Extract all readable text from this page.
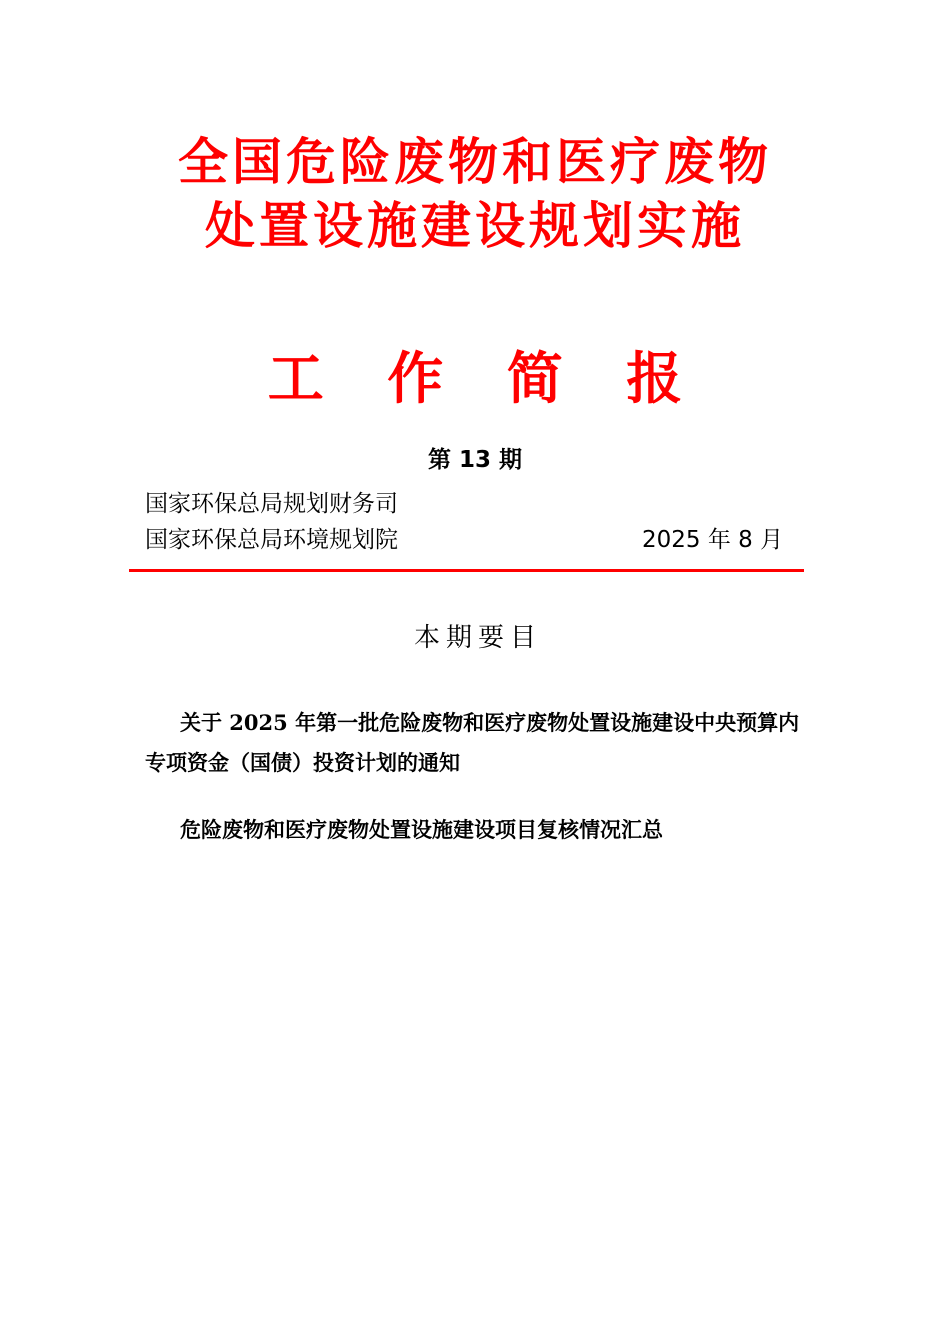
全国危险废物和医疗废物
处置设施建设规划实施
工 作 简 报
第 13 期
国家环保总局规划财务司
国家环保总局环境规划院	2025 年 8 月
本期要目
关于 2025 年第一批危险废物和医疗废物处置设施建设中央预算内专项资金（国债）投资计划的通知
危险废物和医疗废物处置设施建设项目复核情况汇总
